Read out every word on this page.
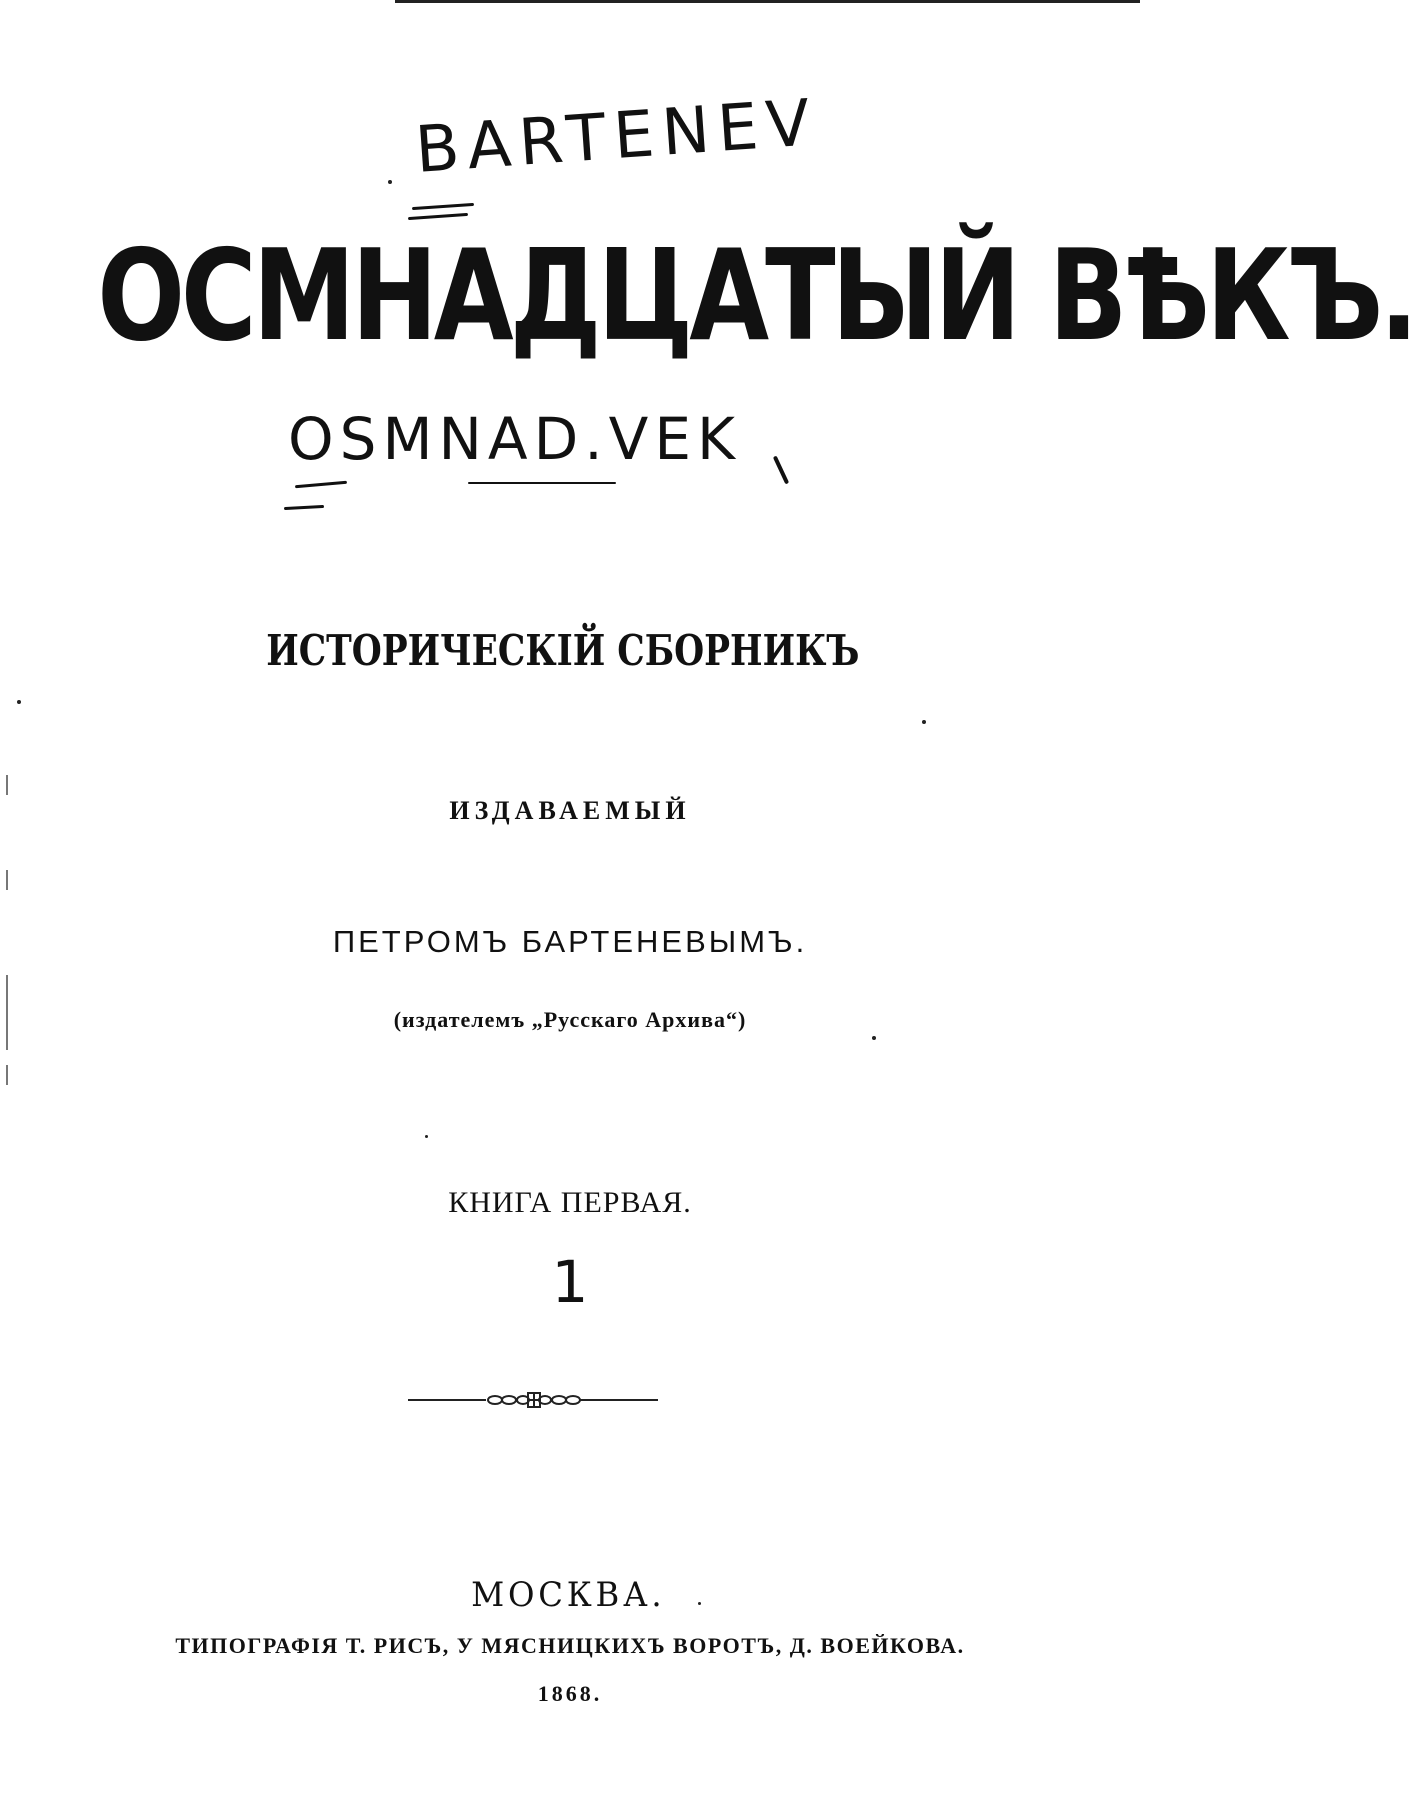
BARTENEV
ОСМНАДЦАТЫЙ ВѢКЪ.
OSMNAD.VEK
ИСТОРИЧЕСКІЙ СБОРНИКЪ
ИЗДАВАЕМЫЙ
ПЕТРОМЪ БАРТЕНЕВЫМЪ.
(издателемъ „Русскаго Архива“)
КНИГА ПЕРВАЯ.
1
МОСКВА.
ТИПОГРАФІЯ Т. РИСЪ, У МЯСНИЦКИХЪ ВОРОТЪ, Д. ВОЕЙКОВА.
1868.
